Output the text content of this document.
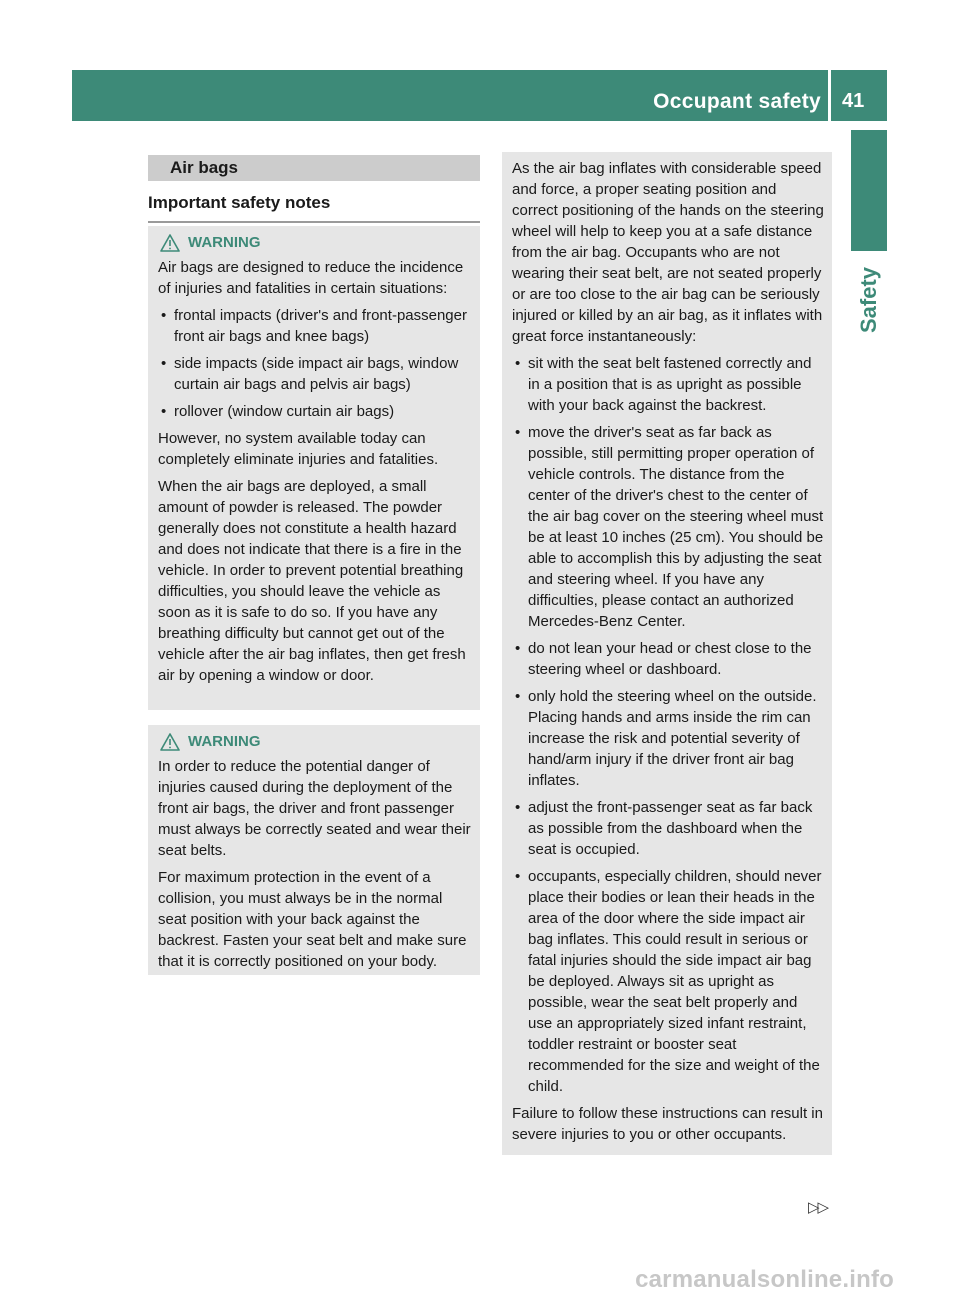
Occupant safety 41
Safety
Air bags
Important safety notes
WARNING

Air bags are designed to reduce the incidence of injuries and fatalities in certain situations:

• frontal impacts (driver's and front-passenger front air bags and knee bags)
• side impacts (side impact air bags, window curtain air bags and pelvis air bags)
• rollover (window curtain air bags)

However, no system available today can completely eliminate injuries and fatalities.

When the air bags are deployed, a small amount of powder is released. The powder generally does not constitute a health hazard and does not indicate that there is a fire in the vehicle. In order to prevent potential breathing difficulties, you should leave the vehicle as soon as it is safe to do so. If you have any breathing difficulty but cannot get out of the vehicle after the air bag inflates, then get fresh air by opening a window or door.

WARNING

In order to reduce the potential danger of injuries caused during the deployment of the front air bags, the driver and front passenger must always be correctly seated and wear their seat belts.

For maximum protection in the event of a collision, you must always be in the normal seat position with your back against the backrest. Fasten your seat belt and make sure that it is correctly positioned on your body.

As the air bag inflates with considerable speed and force, a proper seating position and correct positioning of the hands on the steering wheel will help to keep you at a safe distance from the air bag. Occupants who are not wearing their seat belt, are not seated properly or are too close to the air bag can be seriously injured or killed by an air bag, as it inflates with great force instantaneously:

• sit with the seat belt fastened correctly and in a position that is as upright as possible with your back against the backrest.
• move the driver's seat as far back as possible, still permitting proper operation of vehicle controls. The distance from the center of the driver's chest to the center of the air bag cover on the steering wheel must be at least 10 inches (25 cm). You should be able to accomplish this by adjusting the seat and steering wheel. If you have any difficulties, please contact an authorized Mercedes-Benz Center.
• do not lean your head or chest close to the steering wheel or dashboard.
• only hold the steering wheel on the outside. Placing hands and arms inside the rim can increase the risk and potential severity of hand/arm injury if the driver front air bag inflates.
• adjust the front-passenger seat as far back as possible from the dashboard when the seat is occupied.
• occupants, especially children, should never place their bodies or lean their heads in the area of the door where the side impact air bag inflates. This could result in serious or fatal injuries should the side impact air bag be deployed. Always sit as upright as possible, wear the seat belt properly and use an appropriately sized infant restraint, toddler restraint or booster seat recommended for the size and weight of the child.

Failure to follow these instructions can result in severe injuries to you or other occupants.

▷▷
carmanualsonline.info
